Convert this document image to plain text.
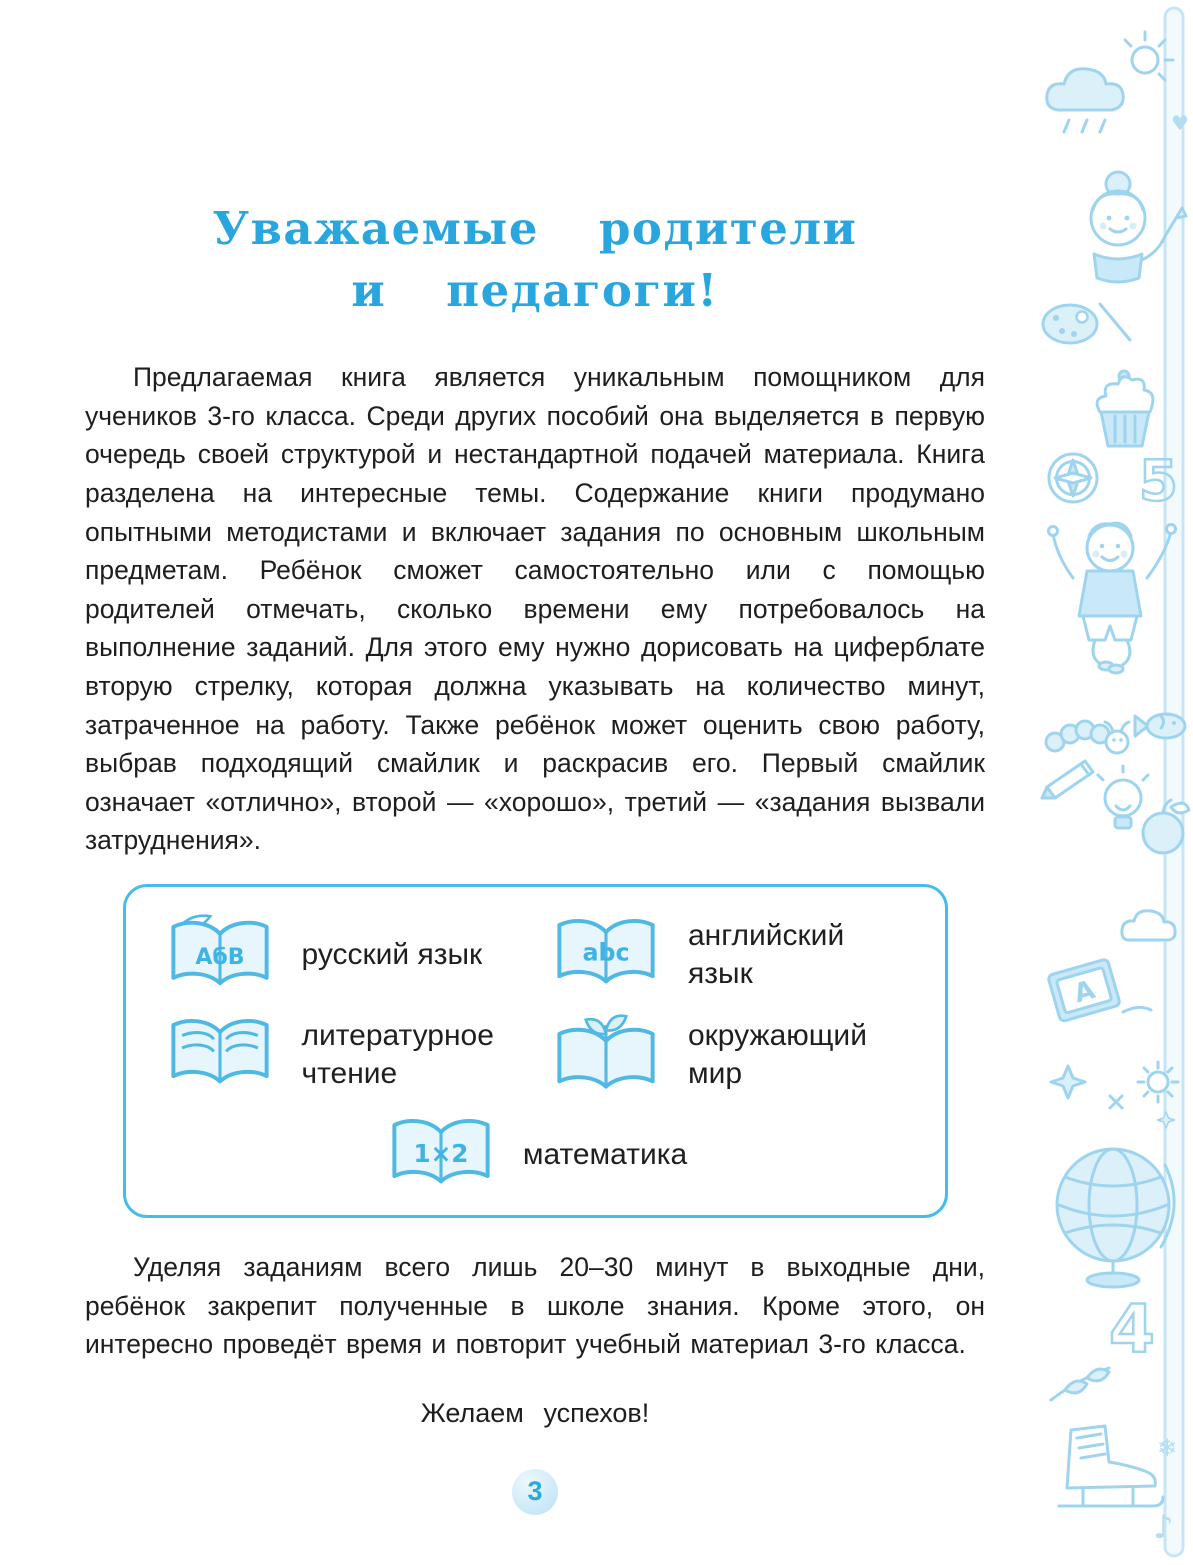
Уважаемые родители
и педагоги!

Предлагаемая книга является уникальным помощником для учеников 3-го класса. Среди других пособий она выделяется в первую очередь своей структурой и нестандартной подачей материала. Книга разделена на интересные темы. Содержание книги продумано опытными методистами и включает задания по основным школьным предметам. Ребёнок сможет самостоятельно или с помощью родителей отмечать, сколько времени ему потребовалось на выполнение заданий. Для этого ему нужно дорисовать на циферблате вторую стрелку, которая должна указывать на количество минут, затраченное на работу. Также ребёнок может оценить свою работу, выбрав подходящий смайлик и раскрасив его. Первый смайлик означает «отлично», второй — «хорошо», третий — «задания вызвали затруднения».

АбВ русский язык	abc английский язык
литературное чтение
окружающий мир
1×2 математика

Уделяя заданиям всего лишь 20–30 минут в выходные дни, ребёнок закрепит полученные в школе знания. Кроме этого, он интересно проведёт время и повторит учебный материал 3-го класса.

Желаем успехов!

3
♥
5
A
4
❄
♪
